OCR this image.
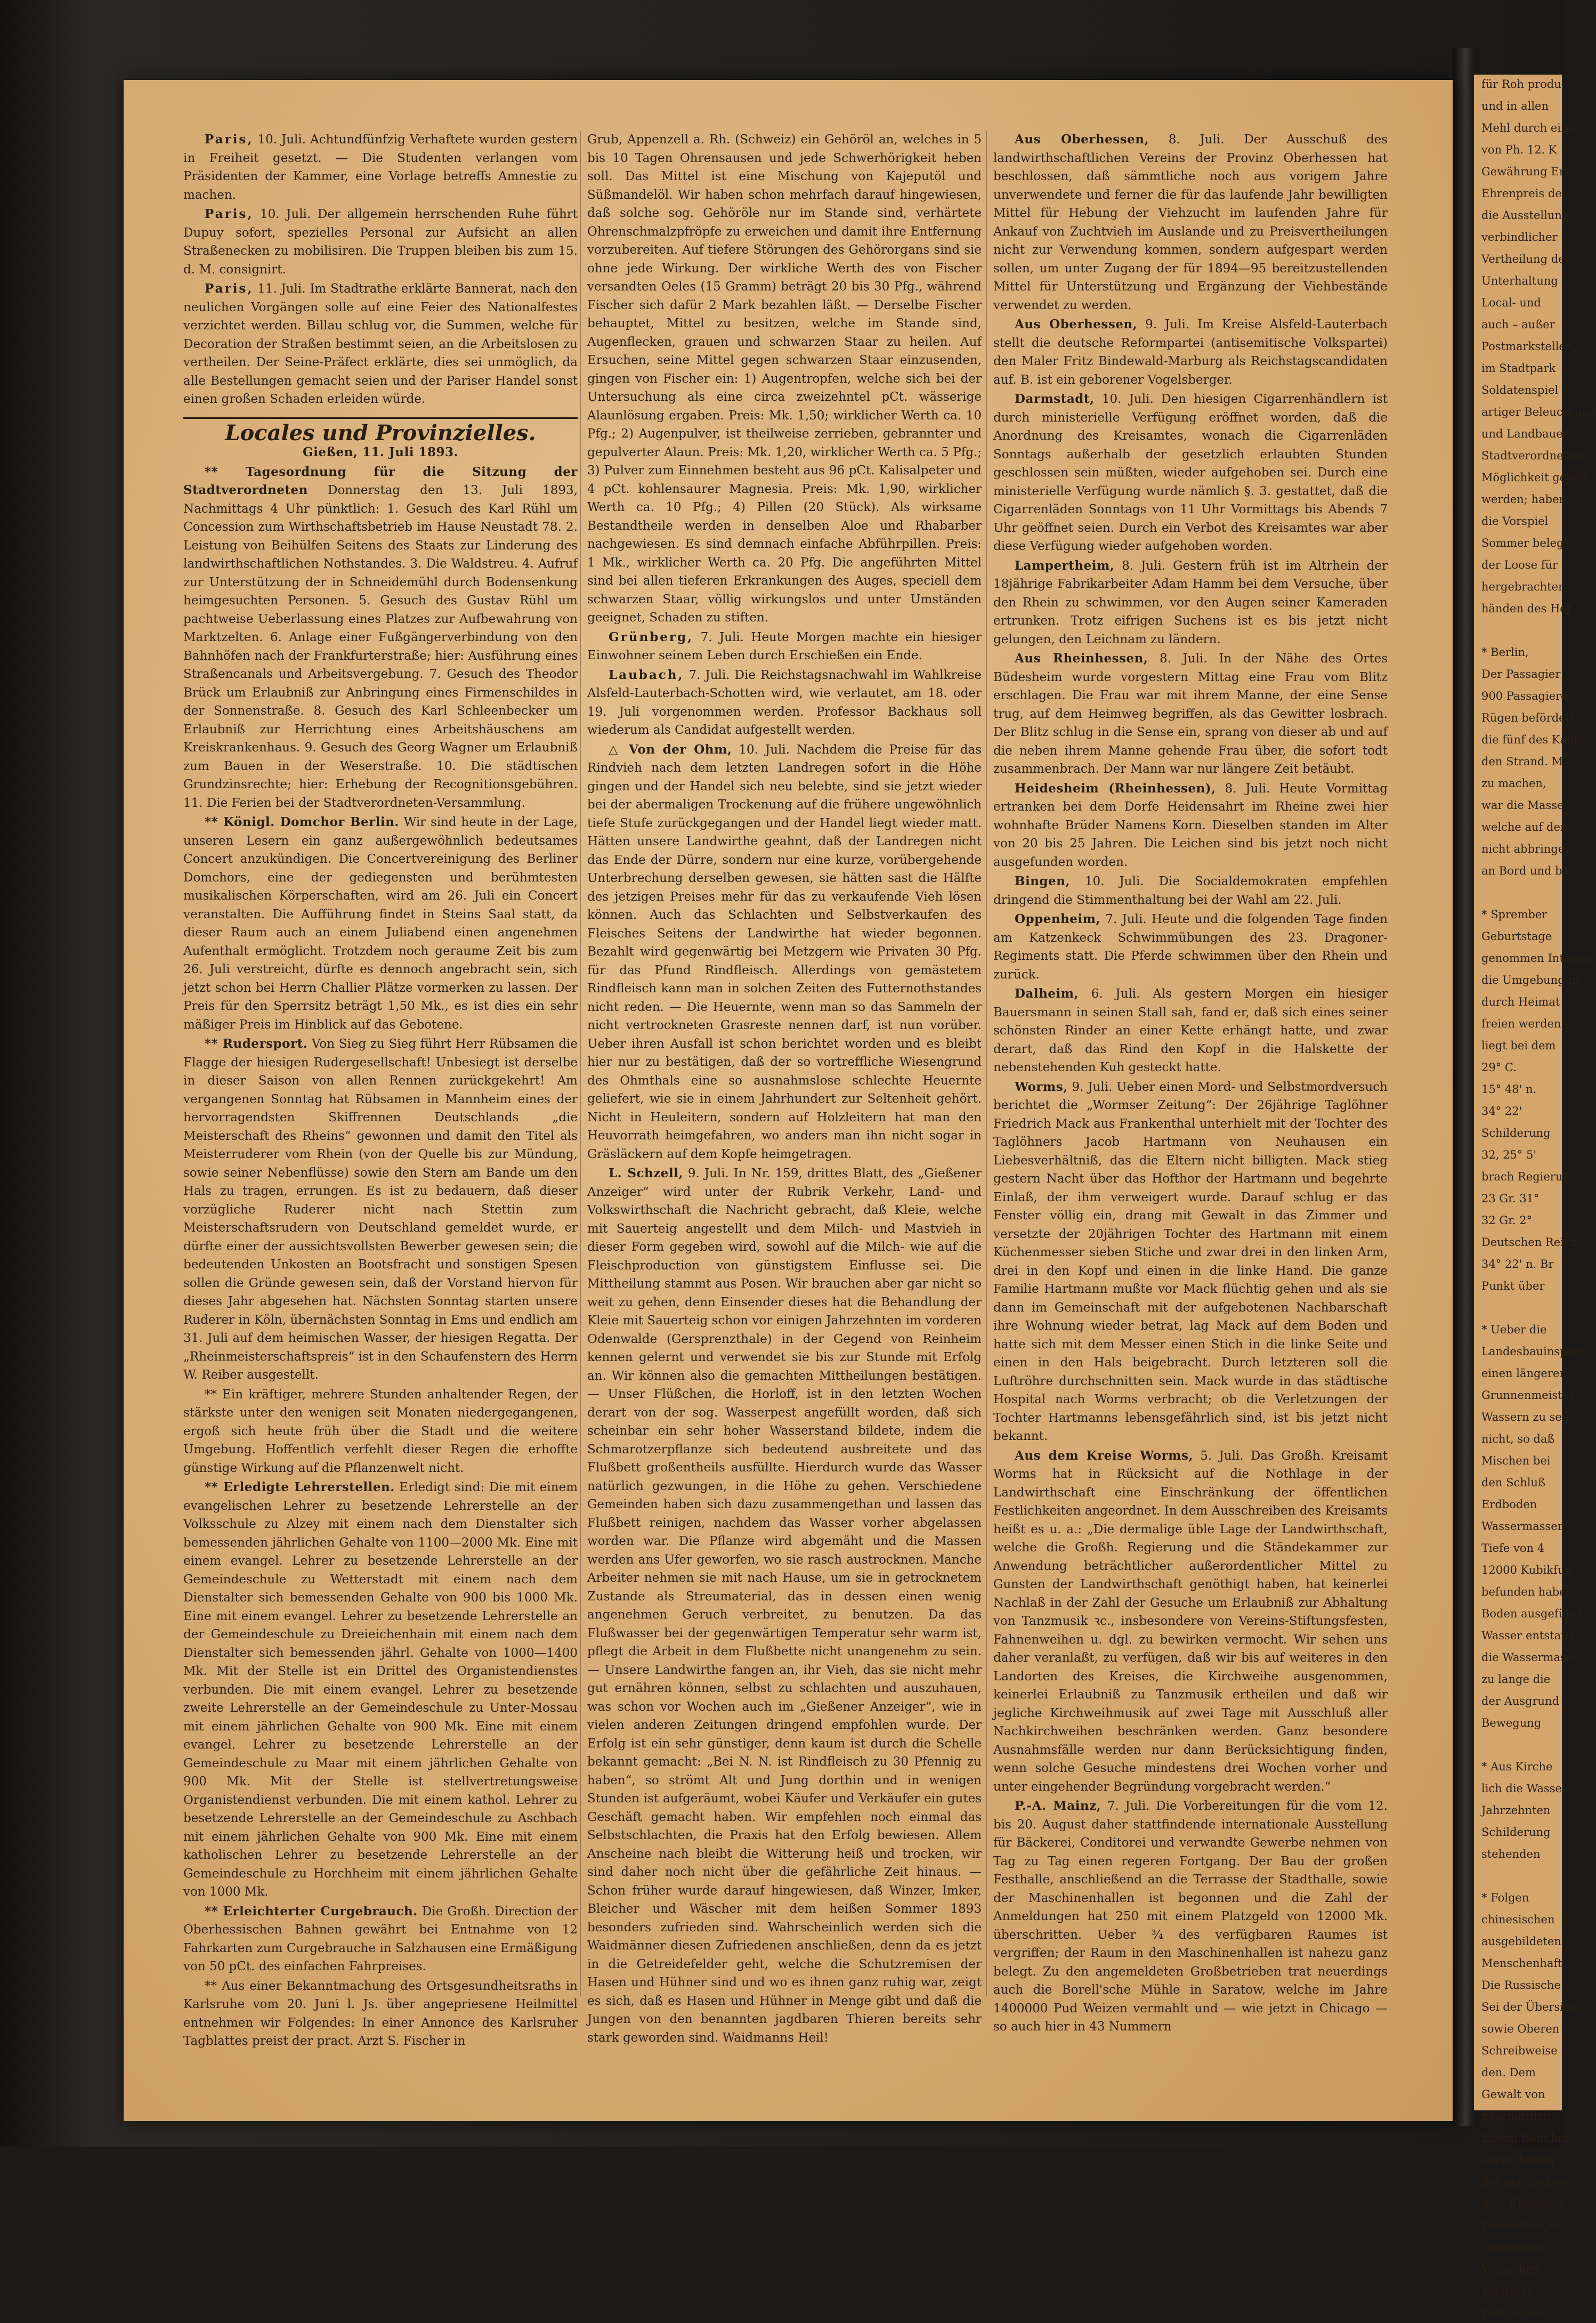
Paris, 10. Juli. Achtundfünfzig Verhaftete wurden gestern in Freiheit gesetzt. — Die Studenten verlangen vom Präsidenten der Kammer, eine Vorlage betreffs Amnestie zu machen.

Paris, 10. Juli. Der allgemein herrschenden Ruhe führt Dupuy sofort, spezielles Personal zur Aufsicht an allen Straßenecken zu mobilisiren. Die Truppen bleiben bis zum 15. d. M. consignirt.

Paris, 11. Juli. Im Stadtrathe erklärte Bannerat, nach den neulichen Vorgängen solle auf eine Feier des Nationalfestes verzichtet werden. Billau schlug vor, die Summen, welche für Decoration der Straßen bestimmt seien, an die Arbeitslosen zu vertheilen. Der Seine-Präfect erklärte, dies sei unmöglich, da alle Bestellungen gemacht seien und der Pariser Handel sonst einen großen Schaden erleiden würde.

Locales und Provinzielles.

Gießen, 11. Juli 1893.

** Tagesordnung für die Sitzung der Stadtverordneten Donnerstag den 13. Juli 1893, Nachmittags 4 Uhr pünktlich: 1. Gesuch des Karl Rühl um Concession zum Wirthschaftsbetrieb im Hause Neustadt 78. 2. Leistung von Beihülfen Seitens des Staats zur Linderung des landwirthschaftlichen Nothstandes. 3. Die Waldstreu. 4. Aufruf zur Unterstützung der in Schneidemühl durch Bodensenkung heimgesuchten Personen. 5. Gesuch des Gustav Rühl um pachtweise Ueberlassung eines Platzes zur Aufbewahrung von Marktzelten. 6. Anlage einer Fußgängerverbindung von den Bahnhöfen nach der Frankfurterstraße; hier: Ausführung eines Straßencanals und Arbeitsvergebung. 7. Gesuch des Theodor Brück um Erlaubniß zur Anbringung eines Firmenschildes in der Sonnenstraße. 8. Gesuch des Karl Schleenbecker um Erlaubniß zur Herrichtung eines Arbeitshäuschens am Kreiskrankenhaus. 9. Gesuch des Georg Wagner um Erlaubniß zum Bauen in der Weserstraße. 10. Die städtischen Grundzinsrechte; hier: Erhebung der Recognitionsgebühren. 11. Die Ferien bei der Stadtverordneten-Versammlung.

** Königl. Domchor Berlin. Wir sind heute in der Lage, unseren Lesern ein ganz außergewöhnlich bedeutsames Concert anzukündigen. Die Concertvereinigung des Berliner Domchors, eine der gediegensten und berühmtesten musikalischen Körperschaften, wird am 26. Juli ein Concert veranstalten. Die Aufführung findet in Steins Saal statt, da dieser Raum auch an einem Juliabend einen angenehmen Aufenthalt ermöglicht. Trotzdem noch geraume Zeit bis zum 26. Juli verstreicht, dürfte es dennoch angebracht sein, sich jetzt schon bei Herrn Challier Plätze vormerken zu lassen. Der Preis für den Sperrsitz beträgt 1,50 Mk., es ist dies ein sehr mäßiger Preis im Hinblick auf das Gebotene.

** Rudersport. Von Sieg zu Sieg führt Herr Rübsamen die Flagge der hiesigen Rudergesellschaft! Unbesiegt ist derselbe in dieser Saison von allen Rennen zurückgekehrt! Am vergangenen Sonntag hat Rübsamen in Mannheim eines der hervorragendsten Skiffrennen Deutschlands „die Meisterschaft des Rheins“ gewonnen und damit den Titel als Meisterruderer vom Rhein (von der Quelle bis zur Mündung, sowie seiner Nebenflüsse) sowie den Stern am Bande um den Hals zu tragen, errungen. Es ist zu bedauern, daß dieser vorzügliche Ruderer nicht nach Stettin zum Meisterschaftsrudern von Deutschland gemeldet wurde, er dürfte einer der aussichtsvollsten Bewerber gewesen sein; die bedeutenden Unkosten an Bootsfracht und sonstigen Spesen sollen die Gründe gewesen sein, daß der Vorstand hiervon für dieses Jahr abgesehen hat. Nächsten Sonntag starten unsere Ruderer in Köln, übernächsten Sonntag in Ems und endlich am 31. Juli auf dem heimischen Wasser, der hiesigen Regatta. Der „Rheinmeisterschaftspreis“ ist in den Schaufenstern des Herrn W. Reiber ausgestellt.

** Ein kräftiger, mehrere Stunden anhaltender Regen, der stärkste unter den wenigen seit Monaten niedergegangenen, ergoß sich heute früh über die Stadt und die weitere Umgebung. Hoffentlich verfehlt dieser Regen die erhoffte günstige Wirkung auf die Pflanzenwelt nicht.

** Erledigte Lehrerstellen. Erledigt sind: Die mit einem evangelischen Lehrer zu besetzende Lehrerstelle an der Volksschule zu Alzey mit einem nach dem Dienstalter sich bemessenden jährlichen Gehalte von 1100—2000 Mk. Eine mit einem evangel. Lehrer zu besetzende Lehrerstelle an der Gemeindeschule zu Wetterstadt mit einem nach dem Dienstalter sich bemessenden Gehalte von 900 bis 1000 Mk. Eine mit einem evangel. Lehrer zu besetzende Lehrerstelle an der Gemeindeschule zu Dreieichenhain mit einem nach dem Dienstalter sich bemessenden jährl. Gehalte von 1000—1400 Mk. Mit der Stelle ist ein Drittel des Organistendienstes verbunden. Die mit einem evangel. Lehrer zu besetzende zweite Lehrerstelle an der Gemeindeschule zu Unter-Mossau mit einem jährlichen Gehalte von 900 Mk. Eine mit einem evangel. Lehrer zu besetzende Lehrerstelle an der Gemeindeschule zu Maar mit einem jährlichen Gehalte von 900 Mk. Mit der Stelle ist stellvertretungsweise Organistendienst verbunden. Die mit einem kathol. Lehrer zu besetzende Lehrerstelle an der Gemeindeschule zu Aschbach mit einem jährlichen Gehalte von 900 Mk. Eine mit einem katholischen Lehrer zu besetzende Lehrerstelle an der Gemeindeschule zu Horchheim mit einem jährlichen Gehalte von 1000 Mk.

** Erleichterter Curgebrauch. Die Großh. Direction der Oberhessischen Bahnen gewährt bei Entnahme von 12 Fahrkarten zum Curgebrauche in Salzhausen eine Ermäßigung von 50 pCt. des einfachen Fahrpreises.

** Aus einer Bekanntmachung des Ortsgesundheitsraths in Karlsruhe vom 20. Juni l. Js. über angepriesene Heilmittel entnehmen wir Folgendes: In einer Annonce des Karlsruher Tagblattes preist der pract. Arzt S. Fischer in

Grub, Appenzell a. Rh. (Schweiz) ein Gehöröl an, welches in 5 bis 10 Tagen Ohrensausen und jede Schwerhörigkeit heben soll. Das Mittel ist eine Mischung von Kajeputöl und Süßmandelöl. Wir haben schon mehrfach darauf hingewiesen, daß solche sog. Gehöröle nur im Stande sind, verhärtete Ohrenschmalzpfröpfe zu erweichen und damit ihre Entfernung vorzubereiten. Auf tiefere Störungen des Gehörorgans sind sie ohne jede Wirkung. Der wirkliche Werth des von Fischer versandten Oeles (15 Gramm) beträgt 20 bis 30 Pfg., während Fischer sich dafür 2 Mark bezahlen läßt. — Derselbe Fischer behauptet, Mittel zu besitzen, welche im Stande sind, Augenflecken, grauen und schwarzen Staar zu heilen. Auf Ersuchen, seine Mittel gegen schwarzen Staar einzusenden, gingen von Fischer ein: 1) Augentropfen, welche sich bei der Untersuchung als eine circa zweizehntel pCt. wässerige Alaunlösung ergaben. Preis: Mk. 1,50; wirklicher Werth ca. 10 Pfg.; 2) Augenpulver, ist theilweise zerrieben, gebrannter und gepulverter Alaun. Preis: Mk. 1,20, wirklicher Werth ca. 5 Pfg.; 3) Pulver zum Einnehmen besteht aus 96 pCt. Kalisalpeter und 4 pCt. kohlensaurer Magnesia. Preis: Mk. 1,90, wirklicher Werth ca. 10 Pfg.; 4) Pillen (20 Stück). Als wirksame Bestandtheile werden in denselben Aloe und Rhabarber nachgewiesen. Es sind demnach einfache Abführpillen. Preis: 1 Mk., wirklicher Werth ca. 20 Pfg. Die angeführten Mittel sind bei allen tieferen Erkrankungen des Auges, speciell dem schwarzen Staar, völlig wirkungslos und unter Umständen geeignet, Schaden zu stiften.

Grünberg, 7. Juli. Heute Morgen machte ein hiesiger Einwohner seinem Leben durch Erschießen ein Ende.

Laubach, 7. Juli. Die Reichstagsnachwahl im Wahlkreise Alsfeld-Lauterbach-Schotten wird, wie verlautet, am 18. oder 19. Juli vorgenommen werden. Professor Backhaus soll wiederum als Candidat aufgestellt werden.

△ Von der Ohm, 10. Juli. Nachdem die Preise für das Rindvieh nach dem letzten Landregen sofort in die Höhe gingen und der Handel sich neu belebte, sind sie jetzt wieder bei der abermaligen Trockenung auf die frühere ungewöhnlich tiefe Stufe zurückgegangen und der Handel liegt wieder matt. Hätten unsere Landwirthe geahnt, daß der Landregen nicht das Ende der Dürre, sondern nur eine kurze, vorübergehende Unterbrechung derselben gewesen, sie hätten sast die Hälfte des jetzigen Preises mehr für das zu verkaufende Vieh lösen können. Auch das Schlachten und Selbstverkaufen des Fleisches Seitens der Landwirthe hat wieder begonnen. Bezahlt wird gegenwärtig bei Metzgern wie Privaten 30 Pfg. für das Pfund Rindfleisch. Allerdings von gemästetem Rindfleisch kann man in solchen Zeiten des Futternothstandes nicht reden. — Die Heuernte, wenn man so das Sammeln der nicht vertrockneten Grasreste nennen darf, ist nun vorüber. Ueber ihren Ausfall ist schon berichtet worden und es bleibt hier nur zu bestätigen, daß der so vortreffliche Wiesengrund des Ohmthals eine so ausnahmslose schlechte Heuernte geliefert, wie sie in einem Jahrhundert zur Seltenheit gehört. Nicht in Heuleitern, sondern auf Holzleitern hat man den Heuvorrath heimgefahren, wo anders man ihn nicht sogar in Gräsläckern auf dem Kopfe heimgetragen.

L. Schzell, 9. Juli. In Nr. 159, drittes Blatt, des „Gießener Anzeiger“ wird unter der Rubrik Verkehr, Land- und Volkswirthschaft die Nachricht gebracht, daß Kleie, welche mit Sauerteig angestellt und dem Milch- und Mastvieh in dieser Form gegeben wird, sowohl auf die Milch- wie auf die Fleischproduction von günstigstem Einflusse sei. Die Mittheilung stammt aus Posen. Wir brauchen aber gar nicht so weit zu gehen, denn Einsender dieses hat die Behandlung der Kleie mit Sauerteig schon vor einigen Jahrzehnten im vorderen Odenwalde (Gersprenzthale) in der Gegend von Reinheim kennen gelernt und verwendet sie bis zur Stunde mit Erfolg an. Wir können also die gemachten Mittheilungen bestätigen. — Unser Flüßchen, die Horloff, ist in den letzten Wochen derart von der sog. Wasserpest angefüllt worden, daß sich scheinbar ein sehr hoher Wasserstand bildete, indem die Schmarotzerpflanze sich bedeutend ausbreitete und das Flußbett großentheils ausfüllte. Hierdurch wurde das Wasser natürlich gezwungen, in die Höhe zu gehen. Verschiedene Gemeinden haben sich dazu zusammengethan und lassen das Flußbett reinigen, nachdem das Wasser vorher abgelassen worden war. Die Pflanze wird abgemäht und die Massen werden ans Ufer geworfen, wo sie rasch austrocknen. Manche Arbeiter nehmen sie mit nach Hause, um sie in getrocknetem Zustande als Streumaterial, das in dessen einen wenig angenehmen Geruch verbreitet, zu benutzen. Da das Flußwasser bei der gegenwärtigen Temperatur sehr warm ist, pflegt die Arbeit in dem Flußbette nicht unangenehm zu sein. — Unsere Landwirthe fangen an, ihr Vieh, das sie nicht mehr gut ernähren können, selbst zu schlachten und auszuhauen, was schon vor Wochen auch im „Gießener Anzeiger“, wie in vielen anderen Zeitungen dringend empfohlen wurde. Der Erfolg ist ein sehr günstiger, denn kaum ist durch die Schelle bekannt gemacht: „Bei N. N. ist Rindfleisch zu 30 Pfennig zu haben“, so strömt Alt und Jung dorthin und in wenigen Stunden ist aufgeräumt, wobei Käufer und Verkäufer ein gutes Geschäft gemacht haben. Wir empfehlen noch einmal das Selbstschlachten, die Praxis hat den Erfolg bewiesen. Allem Anscheine nach bleibt die Witterung heiß und trocken, wir sind daher noch nicht über die gefährliche Zeit hinaus. — Schon früher wurde darauf hingewiesen, daß Winzer, Imker, Bleicher und Wäscher mit dem heißen Sommer 1893 besonders zufrieden sind. Wahrscheinlich werden sich die Waidmänner diesen Zufriedenen anschließen, denn da es jetzt in die Getreidefelder geht, welche die Schutzremisen der Hasen und Hühner sind und wo es ihnen ganz ruhig war, zeigt es sich, daß es Hasen und Hühner in Menge gibt und daß die Jungen von den benannten jagdbaren Thieren bereits sehr stark geworden sind. Waidmanns Heil!

Aus Oberhessen, 8. Juli. Der Ausschuß des landwirthschaftlichen Vereins der Provinz Oberhessen hat beschlossen, daß sämmtliche noch aus vorigem Jahre unverwendete und ferner die für das laufende Jahr bewilligten Mittel für Hebung der Viehzucht im laufenden Jahre für Ankauf von Zuchtvieh im Auslande und zu Preisvertheilungen nicht zur Verwendung kommen, sondern aufgespart werden sollen, um unter Zugang der für 1894—95 bereitzustellenden Mittel für Unterstützung und Ergänzung der Viehbestände verwendet zu werden.

Aus Oberhessen, 9. Juli. Im Kreise Alsfeld-Lauterbach stellt die deutsche Reformpartei (antisemitische Volkspartei) den Maler Fritz Bindewald-Marburg als Reichstagscandidaten auf. B. ist ein geborener Vogelsberger.

Darmstadt, 10. Juli. Den hiesigen Cigarrenhändlern ist durch ministerielle Verfügung eröffnet worden, daß die Anordnung des Kreisamtes, wonach die Cigarrenläden Sonntags außerhalb der gesetzlich erlaubten Stunden geschlossen sein müßten, wieder aufgehoben sei. Durch eine ministerielle Verfügung wurde nämlich §. 3. gestattet, daß die Cigarrenläden Sonntags von 11 Uhr Vormittags bis Abends 7 Uhr geöffnet seien. Durch ein Verbot des Kreisamtes war aber diese Verfügung wieder aufgehoben worden.

Lampertheim, 8. Juli. Gestern früh ist im Altrhein der 18jährige Fabrikarbeiter Adam Hamm bei dem Versuche, über den Rhein zu schwimmen, vor den Augen seiner Kameraden ertrunken. Trotz eifrigen Suchens ist es bis jetzt nicht gelungen, den Leichnam zu ländern.

Aus Rheinhessen, 8. Juli. In der Nähe des Ortes Büdesheim wurde vorgestern Mittag eine Frau vom Blitz erschlagen. Die Frau war mit ihrem Manne, der eine Sense trug, auf dem Heimweg begriffen, als das Gewitter losbrach. Der Blitz schlug in die Sense ein, sprang von dieser ab und auf die neben ihrem Manne gehende Frau über, die sofort todt zusammenbrach. Der Mann war nur längere Zeit betäubt.

Heidesheim (Rheinhessen), 8. Juli. Heute Vormittag ertranken bei dem Dorfe Heidensahrt im Rheine zwei hier wohnhafte Brüder Namens Korn. Dieselben standen im Alter von 20 bis 25 Jahren. Die Leichen sind bis jetzt noch nicht ausgefunden worden.

Bingen, 10. Juli. Die Socialdemokraten empfehlen dringend die Stimmenthaltung bei der Wahl am 22. Juli.

Oppenheim, 7. Juli. Heute und die folgenden Tage finden am Katzenkeck Schwimmübungen des 23. Dragoner-Regiments statt. Die Pferde schwimmen über den Rhein und zurück.

Dalheim, 6. Juli. Als gestern Morgen ein hiesiger Bauersmann in seinen Stall sah, fand er, daß sich eines seiner schönsten Rinder an einer Kette erhängt hatte, und zwar derart, daß das Rind den Kopf in die Halskette der nebenstehenden Kuh gesteckt hatte.

Worms, 9. Juli. Ueber einen Mord- und Selbstmordversuch berichtet die „Wormser Zeitung“: Der 26jährige Taglöhner Friedrich Mack aus Frankenthal unterhielt mit der Tochter des Taglöhners Jacob Hartmann von Neuhausen ein Liebesverhältniß, das die Eltern nicht billigten. Mack stieg gestern Nacht über das Hofthor der Hartmann und begehrte Einlaß, der ihm verweigert wurde. Darauf schlug er das Fenster völlig ein, drang mit Gewalt in das Zimmer und versetzte der 20jährigen Tochter des Hartmann mit einem Küchenmesser sieben Stiche und zwar drei in den linken Arm, drei in den Kopf und einen in die linke Hand. Die ganze Familie Hartmann mußte vor Mack flüchtig gehen und als sie dann im Gemeinschaft mit der aufgebotenen Nachbarschaft ihre Wohnung wieder betrat, lag Mack auf dem Boden und hatte sich mit dem Messer einen Stich in die linke Seite und einen in den Hals beigebracht. Durch letzteren soll die Luftröhre durchschnitten sein. Mack wurde in das städtische Hospital nach Worms verbracht; ob die Verletzungen der Tochter Hartmanns lebensgefährlich sind, ist bis jetzt nicht bekannt.

Aus dem Kreise Worms, 5. Juli. Das Großh. Kreisamt Worms hat in Rücksicht auf die Nothlage in der Landwirthschaft eine Einschränkung der öffentlichen Festlichkeiten angeordnet. In dem Ausschreiben des Kreisamts heißt es u. a.: „Die dermalige üble Lage der Landwirthschaft, welche die Großh. Regierung und die Ständekammer zur Anwendung beträchtlicher außerordentlicher Mittel zu Gunsten der Landwirthschaft genöthigt haben, hat keinerlei Nachlaß in der Zahl der Gesuche um Erlaubniß zur Abhaltung von Tanzmusik ꝛc., insbesondere von Vereins-Stiftungsfesten, Fahnenweihen u. dgl. zu bewirken vermocht. Wir sehen uns daher veranlaßt, zu verfügen, daß wir bis auf weiteres in den Landorten des Kreises, die Kirchweihe ausgenommen, keinerlei Erlaubniß zu Tanzmusik ertheilen und daß wir jegliche Kirchweihmusik auf zwei Tage mit Ausschluß aller Nachkirchweihen beschränken werden. Ganz besondere Ausnahmsfälle werden nur dann Berücksichtigung finden, wenn solche Gesuche mindestens drei Wochen vorher und unter eingehender Begründung vorgebracht werden.“

P.-A. Mainz, 7. Juli. Die Vorbereitungen für die vom 12. bis 20. August daher stattfindende internationale Ausstellung für Bäckerei, Conditorei und verwandte Gewerbe nehmen von Tag zu Tag einen regeren Fortgang. Der Bau der großen Festhalle, anschließend an die Terrasse der Stadthalle, sowie der Maschinenhallen ist begonnen und die Zahl der Anmeldungen hat 250 mit einem Platzgeld von 12000 Mk. überschritten. Ueber ¾ des verfügbaren Raumes ist vergriffen; der Raum in den Maschinenhallen ist nahezu ganz belegt. Zu den angemeldeten Großbetrieben trat neuerdings auch die Borell'sche Mühle in Saratow, welche im Jahre 1400000 Pud Weizen vermahlt und — wie jetzt in Chicago — so auch hier in 43 Nummern

für Roh produ-

und in allen

Mehl durch eine

von Ph. 12. K

Gewährung Er-

Ehrenpreis des

die Ausstellung

verbindlicher

Vertheilung der

Unterhaltung

Local- und

auch – außer

Postmarkstellen,

im Stadtpark

Soldatenspiel

artiger Beleuchtung

und Landbauer

Stadtverordneten

Möglichkeit gehen

werden; haben

die Vorspiel

Sommer belegt.

der Loose für

hergebrachten

händen des Hof

* Berlin,

Der Passagier

900 Passagiere,

Rügen befördert

die fünf des Kahlen

den Strand. M

zu machen,

war die Masse

welche auf der

nicht abbringen.

an Bord und bei

* Sprember

Geburtstage

genommen Interess

die Umgebung in

durch Heimat

freien werden

liegt bei dem

29° C.

15° 48' n.

34° 22'

Schilderung

32, 25° 5'

brach Regierung

23 Gr. 31°

32 Gr. 2°

Deutschen Reich

34° 22' n. Br

Punkt über

* Ueber die

Landesbauinspect

einen längeren

Grunnenmeister

Wassern zu sein

nicht, so daß

Mischen bei

den Schluß

Erdboden

Wassermassen

Tiefe von 4

12000 Kubikfuß

befunden haben

Boden ausgeführt

Wasser entstand

die Wassermasse

zu lange die

der Ausgrund

Bewegung

* Aus Kirche

lich die Wasser

Jahrzehnten

Schilderung

stehenden

* Folgen

chinesischen

ausgebildeten

Menschenhaft

Die Russische

Sei der Übersicht

sowie Oberen

Schreibweise

den. Dem

Gewalt von

geschäftlich

Einem Bahnhof

Verrechnung

der politischen

dem Ehrbären

Weißenberger

Gemeinden

Wünschen

Vertreter

Bestimmen
